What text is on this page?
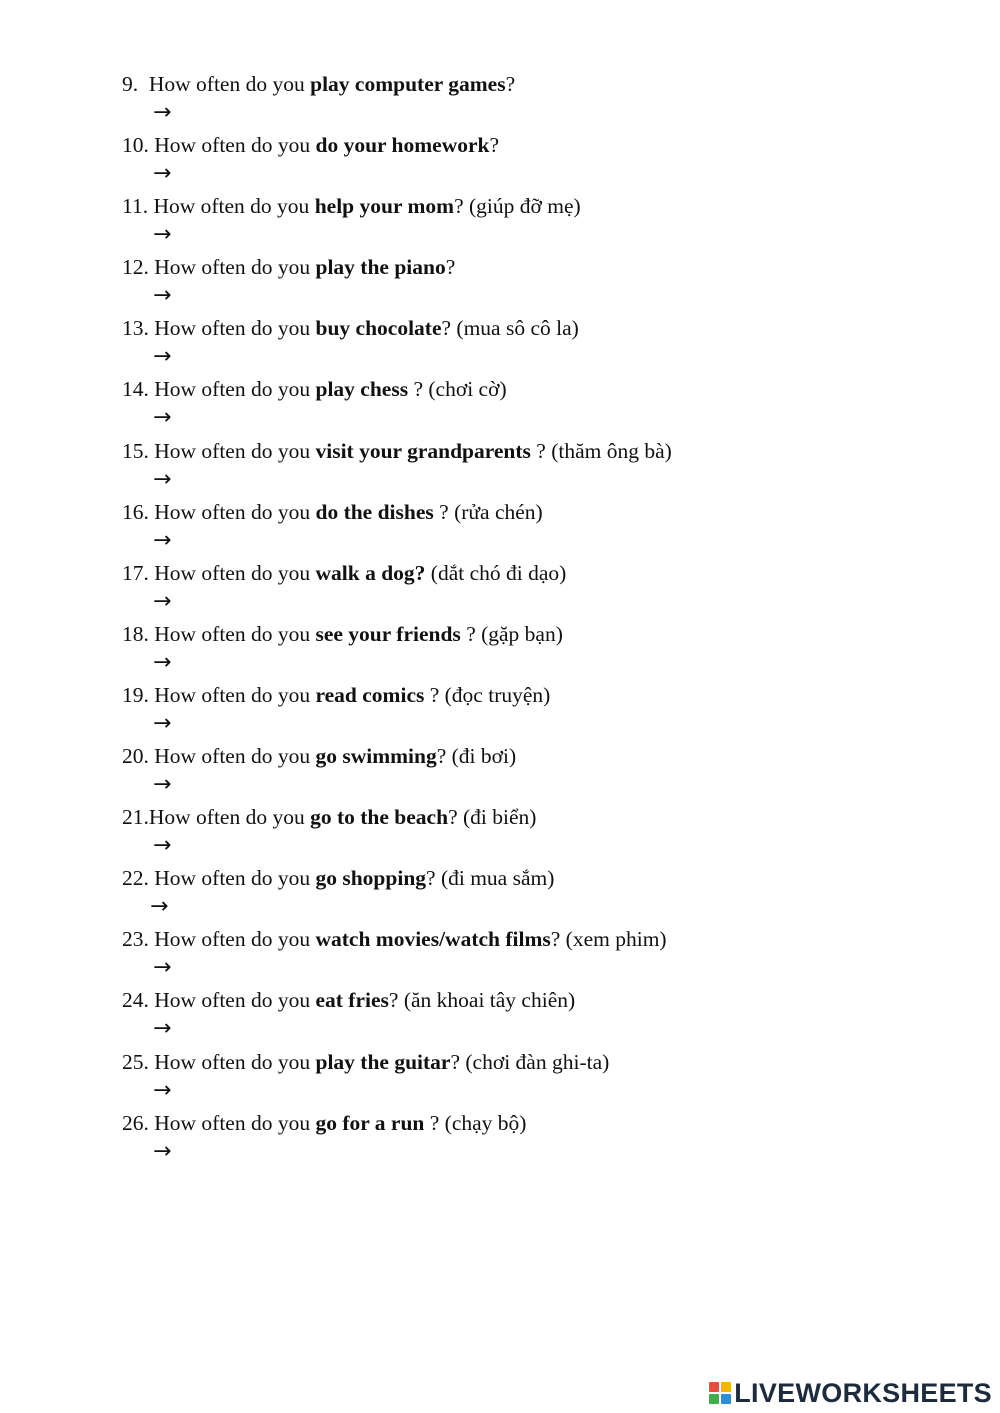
9.  How often do you play computer games?
→
10. How often do you do your homework?
→
11. How often do you help your mom? (giúp đỡ mẹ)
→
12. How often do you play the piano?
→
13. How often do you buy chocolate? (mua sô cô la)
→
14. How often do you play chess ? (chơi cờ)
→
15. How often do you visit your grandparents ? (thăm ông bà)
→
16. How often do you do the dishes ? (rửa chén)
→
17. How often do you walk a dog? (dắt chó đi dạo)
→
18. How often do you see your friends ? (gặp bạn)
→
19. How often do you read comics ? (đọc truyện)
→
20. How often do you go swimming? (đi bơi)
→
21.How often do you go to the beach? (đi biển)
→
22. How often do you go shopping? (đi mua sắm)
→
23. How often do you watch movies/watch films? (xem phim)
→
24. How often do you eat fries? (ăn khoai tây chiên)
→
25. How often do you play the guitar? (chơi đàn ghi-ta)
→
26. How often do you go for a run ? (chạy bộ)
→
LIVEWORKSHEETS
